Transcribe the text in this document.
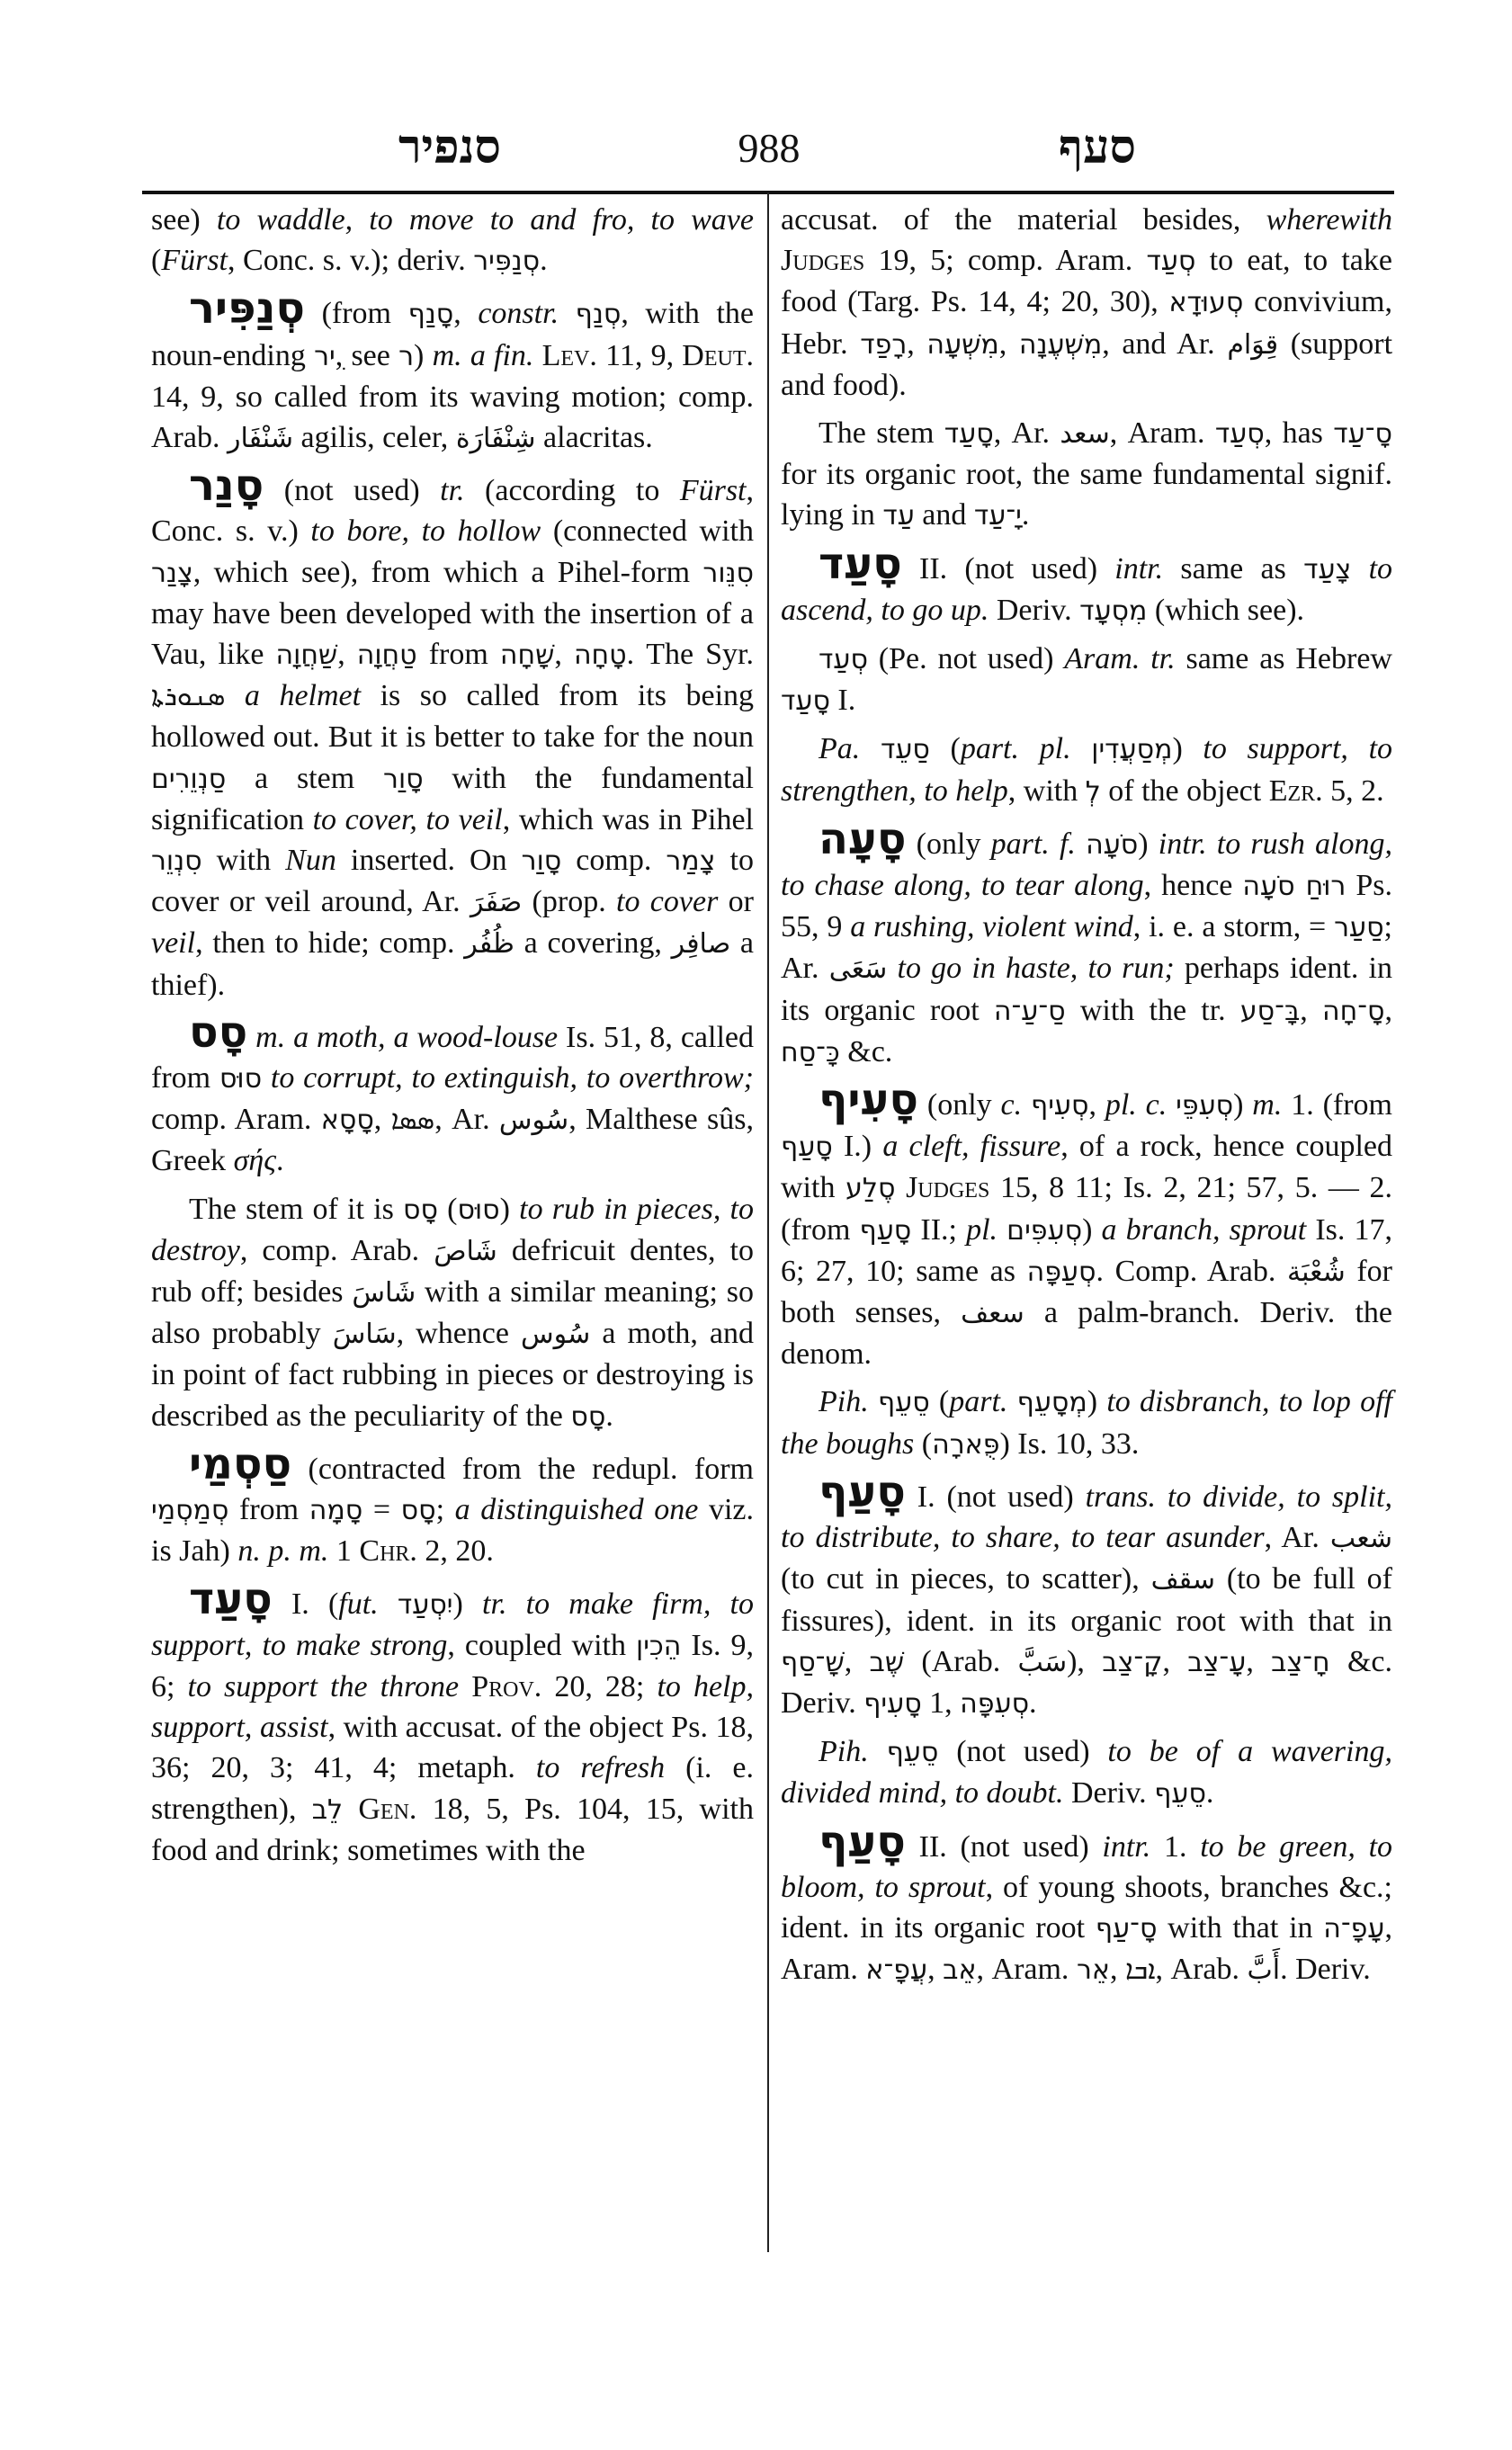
סנפיר	988	סעף

see) to waddle, to move to and fro, to wave (Fürst, Conc. s. v.); deriv. סְנַפִּיר.

סְנַפִּיר (from סָנַף, constr. סְנַף, with the noun-ending ִיר, see ר) m. a fin. Lev. 11, 9, Deut. 14, 9, so called from its waving motion; comp. Arab. شَنْفَار agilis, celer, شِنْفَارَة alacritas.

סָנַר (not used) tr. (according to Fürst, Conc. s. v.) to bore, to hollow (connected with צָנַר, which see), from which a Pihel-form סִנֵּור may have been developed with the insertion of a Vau, like שַׁחֲוָה, טַחֲוָה from שָׁחָה, טָחָה. The Syr. ܣܢܘܪܬܐ a helmet is so called from its being hollowed out. But it is better to take for the noun סַנְוֵרִים a stem סָוַר with the fundamental signification to cover, to veil, which was in Pihel סִנְוֵר with Nun inserted. On סָוַר comp. צָמַר to cover or veil around, Ar. صَفَرَ (prop. to cover or veil, then to hide; comp. ظُفُر a covering, صافِر a thief).

סָס m. a moth, a wood-louse Is. 51, 8, called from סוּס to corrupt, to extinguish, to overthrow; comp. Aram. סָסָא, ܣܣܐ, Ar. سُوس, Malthese sûs, Greek σής.

The stem of it is סָס (סוּס) to rub in pieces, to destroy, comp. Arab. شَاصَ defricuit dentes, to rub off; besides شَاسَ with a similar meaning; so also probably سَاسَ, whence سُوس a moth, and in point of fact rubbing in pieces or destroying is described as the peculiarity of the סָס.

סַסְמַי (contracted from the redupl. form סְמַסְמַי from סָמָה = סָס; a distinguished one viz. is Jah) n. p. m. 1 Chr. 2, 20.

סָעַד I. (fut. יִסְעַד) tr. to make firm, to support, to make strong, coupled with הֵכִין Is. 9, 6; to support the throne Prov. 20, 28; to help, support, assist, with accusat. of the object Ps. 18, 36; 20, 3; 41, 4; metaph. to refresh (i. e. strengthen), לֵב Gen. 18, 5, Ps. 104, 15, with food and drink; sometimes with the

accusat. of the material besides, wherewith Judges 19, 5; comp. Aram. סְעַד to eat, to take food (Targ. Ps. 14, 4; 20, 30), סְעוּדָא convivium, Hebr. רָפַד, מִשְׁעָה, מִשְׁעֶנָה, and Ar. قِوَام (support and food).

The stem סָעַד, Ar. سعد, Aram. סְעַד, has סָ־עַד for its organic root, the same fundamental signif. lying in עַד and יָ־עַד.

סָעַד II. (not used) intr. same as צָעַד to ascend, to go up. Deriv. מִסְעָד (which see).

סְעַד (Pe. not used) Aram. tr. same as Hebrew סָעַד I.

Pa. סַעֵד (part. pl. מְסַעֲדִין) to support, to strengthen, to help, with לְ of the object Ezr. 5, 2.

סָעָה (only part. f. סֹעָה) intr. to rush along, to chase along, to tear along, hence רוּחַ סֹעָה Ps. 55, 9 a rushing, violent wind, i. e. a storm, = סַעַר; Ar. سَعَى to go in haste, to run; perhaps ident. in its organic root סַ־עַ־ה with the tr. בָּ־סַע, סָ־חָה, כָּ־סַח &c.

סָעִיף (only c. סְעִיף, pl. c. סְעִפֵּי) m. 1. (from סָעַף I.) a cleft, fissure, of a rock, hence coupled with סֶלַע Judges 15, 8 11; Is. 2, 21; 57, 5. — 2. (from סָעַף II.; pl. סְעִפִּים) a branch, sprout Is. 17, 6; 27, 10; same as סְעַפָּה. Comp. Arab. شُعْبَة for both senses, سعف a palm-branch. Deriv. the denom.

Pih. סֵעֵף (part. מְסָעֵף) to disbranch, to lop off the boughs (פֻּארָה) Is. 10, 33.

סָעַף I. (not used) trans. to divide, to split, to distribute, to share, to tear asunder, Ar. شعب (to cut in pieces, to scatter), سقف (to be full of fissures), ident. in its organic root with that in שָׁ־סַף, שֶׁב (Arab. سَبَّ), קָ־צַב, עָ־צַב, חָ־צַב &c. Deriv. סָעִיף 1, סְעִפָּה.

Pih. סֵעֵף (not used) to be of a wavering, divided mind, to doubt. Deriv. סֵעֵף.

סָעַף II. (not used) intr. 1. to be green, to bloom, to sprout, of young shoots, branches &c.; ident. in its organic root סָ־עַף with that in עָפָ־ה, Aram. עֲפָ־א, אֵב, Aram. אֵר, ܐܒܐ, Arab. أَبَّ. Deriv.
